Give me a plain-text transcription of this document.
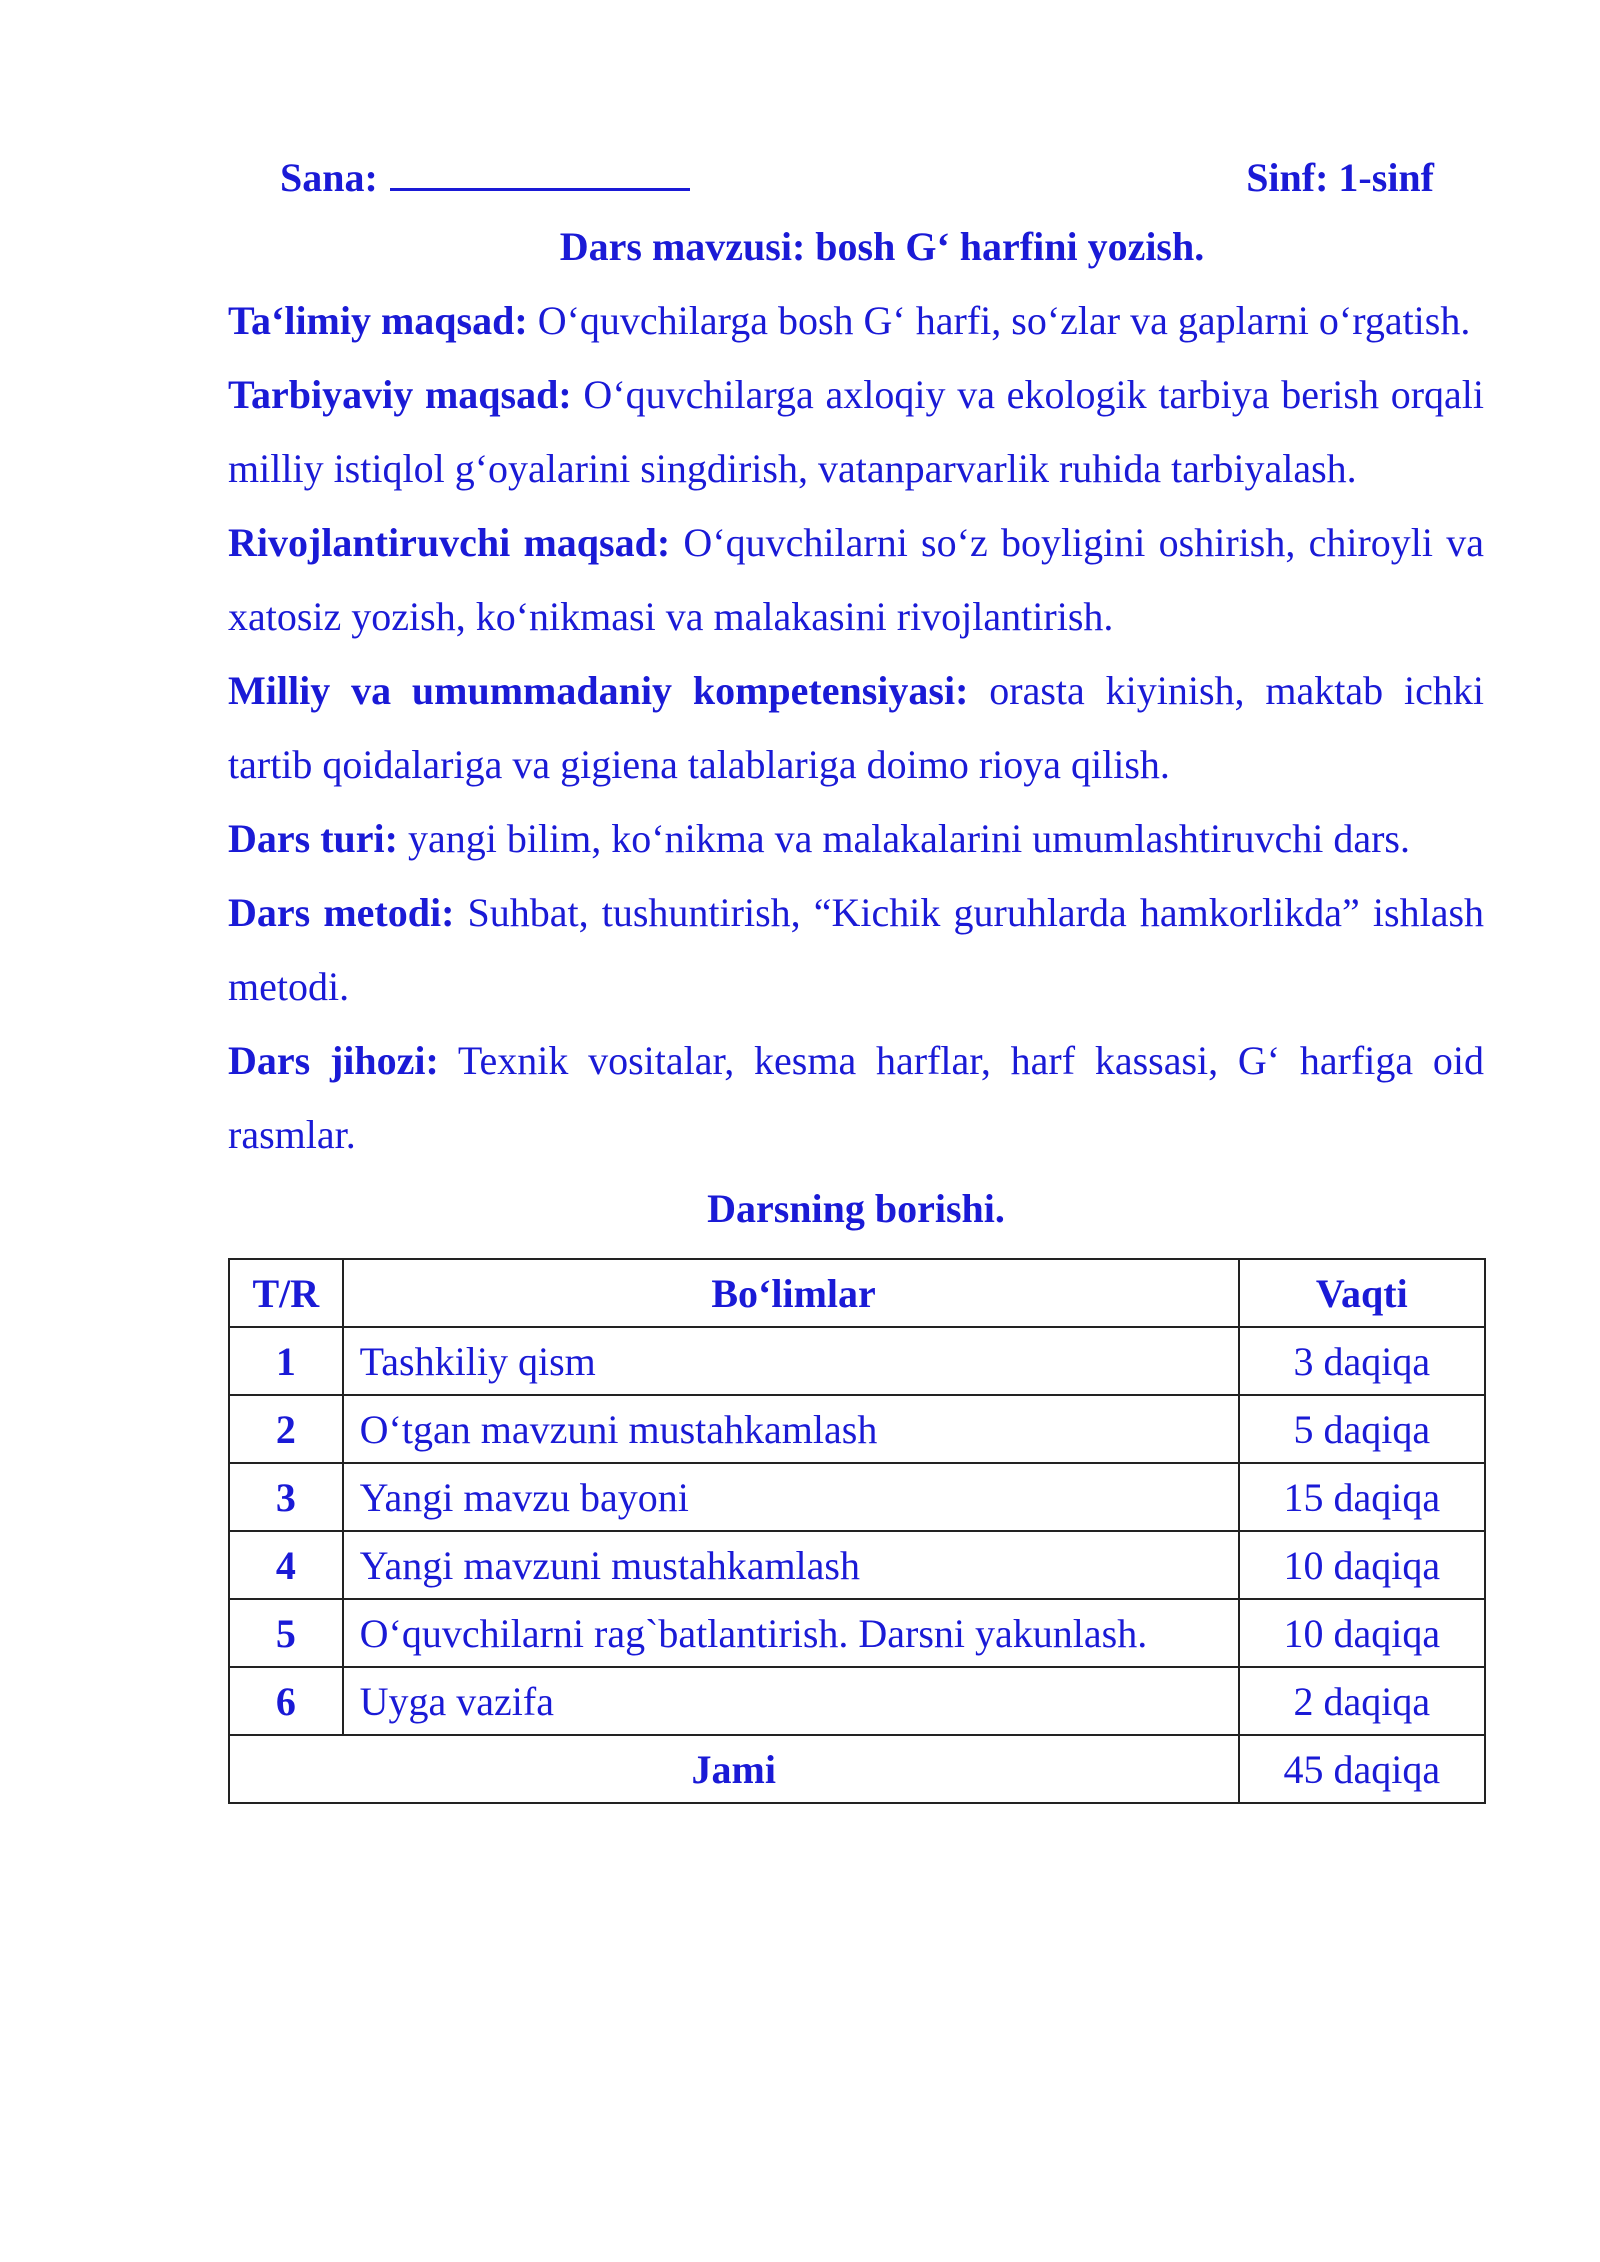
Sana:	Sinf: 1-sinf
Dars mavzusi: bosh G‘ harfini yozish.

Ta‘limiy maqsad: O‘quvchilarga bosh G‘ harfi, so‘zlar va gaplarni o‘rgatish.

Tarbiyaviy maqsad: O‘quvchilarga axloqiy va ekologik tarbiya berish orqali milliy istiqlol g‘oyalarini singdirish, vatanparvarlik ruhida tarbiyalash.

Rivojlantiruvchi maqsad: O‘quvchilarni so‘z boyligini oshirish, chiroyli va xatosiz yozish, ko‘nikmasi va malakasini rivojlantirish.

Milliy va umummadaniy kompetensiyasi: orasta kiyinish, maktab ichki tartib qoidalariga va gigiena talablariga doimo rioya qilish.

Dars turi: yangi bilim, ko‘nikma va malakalarini umumlashtiruvchi dars.

Dars metodi: Suhbat, tushuntirish, “Kichik guruhlarda hamkorlikda” ishlash metodi.

Dars jihozi: Texnik vositalar, kesma harflar, harf kassasi, G‘ harfiga oid rasmlar.

Darsning borishi.
T/R	Bo‘limlar	Vaqti
1	Tashkiliy qism	3 daqiqa
2	O‘tgan mavzuni mustahkamlash	5 daqiqa
3	Yangi mavzu bayoni	15 daqiqa
4	Yangi mavzuni mustahkamlash	10 daqiqa
5	O‘quvchilarni rag`batlantirish. Darsni yakunlash.	10 daqiqa
6	Uyga vazifa	2 daqiqa
Jami		45 daqiqa
